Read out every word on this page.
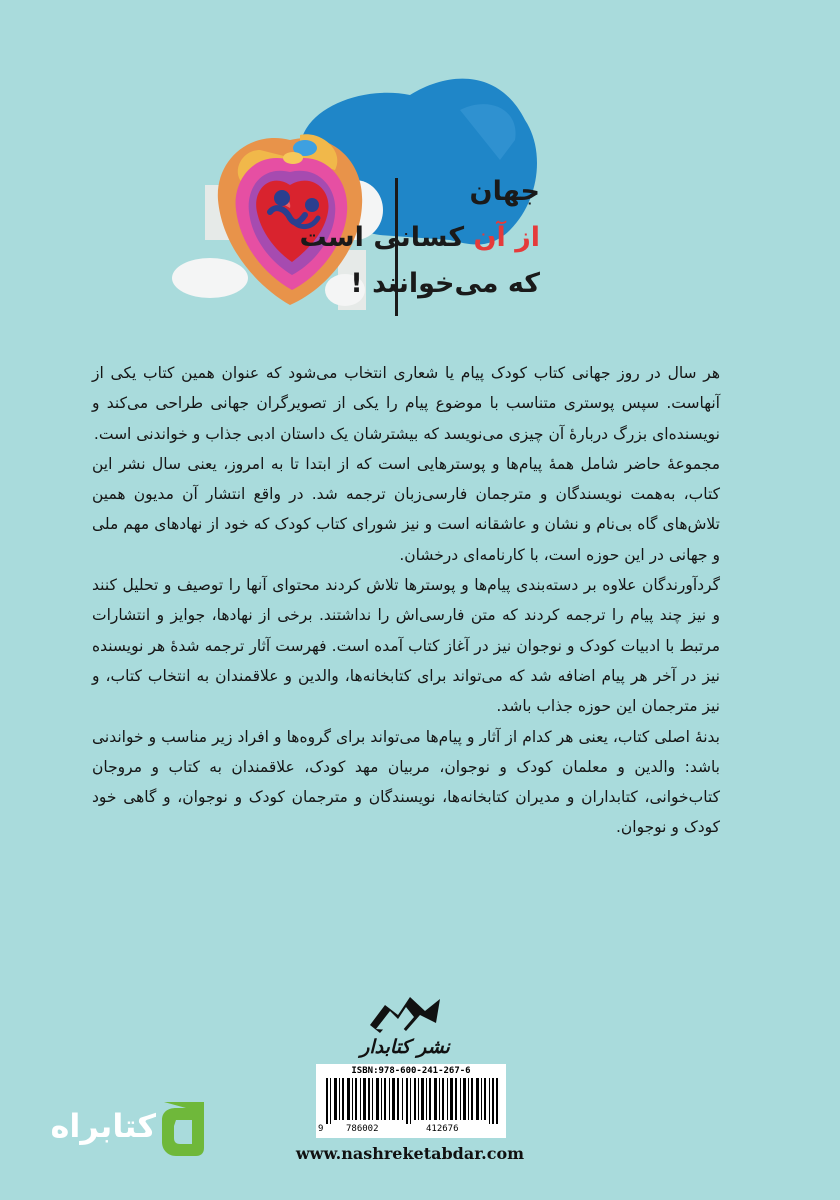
جهان
از آن کسانی است
که می‌خوانند !

هر سال در روز جهانی کتاب کودک پیام یا شعاری انتخاب می‌شود که عنوان همین کتاب یکی از آنهاست. سپس پوستری متناسب با موضوع پیام را یکی از تصویرگران جهانی طراحی می‌کند و نویسنده‌ای بزرگ دربارهٔ آن چیزی می‌نویسد که بیشترشان یک داستان ادبی جذاب و خواندنی است.

مجموعهٔ حاضر شامل همهٔ پیام‌ها و پوسترهایی است که از ابتدا تا به امروز، یعنی سال نشر این کتاب، به‌همت نویسندگان و مترجمان فارسی‌زبان ترجمه شد. در واقع انتشار آن مدیون همین تلاش‌های گاه بی‌نام و نشان و عاشقانه است و نیز شورای کتاب کودک که خود از نهادهای مهم ملی و جهانی در این حوزه است، با کارنامه‌ای درخشان.

گردآورندگان علاوه بر دسته‌بندی پیام‌ها و پوسترها تلاش کردند محتوای آنها را توصیف و تحلیل کنند و نیز چند پیام را ترجمه کردند که متن فارسی‌اش را نداشتند. برخی از نهادها، جوایز و انتشارات مرتبط با ادبیات کودک و نوجوان نیز در آغاز کتاب آمده است. فهرست آثار ترجمه شدهٔ هر نویسنده نیز در آخر هر پیام اضافه شد که می‌تواند برای کتابخانه‌ها، والدین و علاقمندان به انتخاب کتاب، و نیز مترجمان این حوزه جذاب باشد.

بدنهٔ اصلی کتاب، یعنی هر کدام از آثار و پیام‌ها می‌تواند برای گروه‌ها و افراد زیر مناسب و خواندنی باشد: والدین و معلمان کودک و نوجوان، مربیان مهد کودک، علاقمندان به کتاب و مروجان کتاب‌خوانی، کتابداران و مدیران کتابخانه‌ها، نویسندگان و مترجمان کودک و نوجوان، و گاهی خود کودک و نوجوان.

نشر کتابدار
ISBN:978-600-241-267-6
9	786002	412676
www.nashreketabdar.com
کتابراه
